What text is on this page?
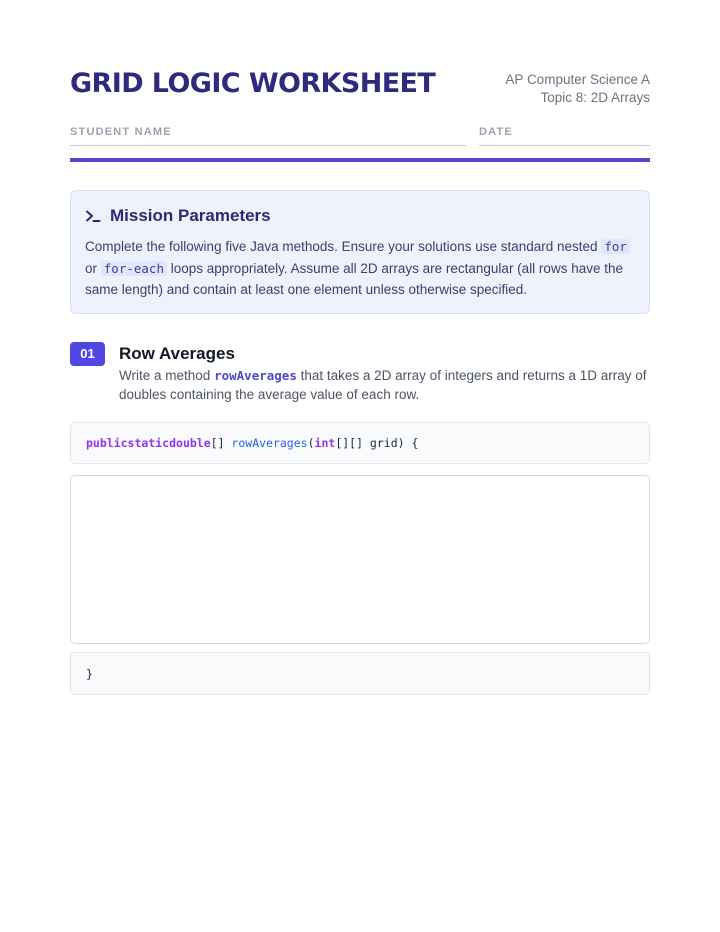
GRID LOGIC WORKSHEET	AP Computer Science A
Topic 8: 2D Arrays
STUDENT NAME	DATE
Mission Parameters

Complete the following five Java methods. Ensure your solutions use standard nested for or for-each loops appropriately. Assume all 2D arrays are rectangular (all rows have the same length) and contain at least one element unless otherwise specified.

01	Row Averages
Write a method rowAverages that takes a 2D array of integers and returns a 1D array of doubles containing the average value of each row.
public static double [] rowAverages ( int [][] grid) {
}
